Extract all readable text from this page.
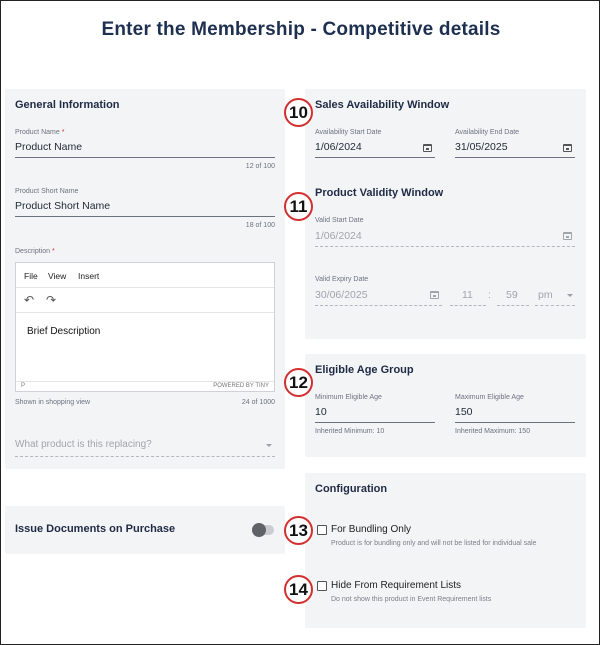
Enter the Membership - Competitive details
General Information
Product Name *
Product Name
12 of 100
Product Short Name
Product Short Name
18 of 100
Description *
Shown in shopping view	24 of 1000
What product is this replacing?
File View Insert
↶ ↷
Brief Description
P	POWERED BY TINY
Issue Documents on Purchase
Sales Availability Window
Availability Start Date
1/06/2024
Availability End Date
31/05/2025
Product Validity Window
Valid Start Date
1/06/2024
Valid Expiry Date
30/06/2025	11 : 59 pm
Eligible Age Group
Minimum Eligible Age
10
Inherited Minimum: 10
Maximum Eligible Age
150
Inherited Maximum: 150
Configuration
For Bundling Only
Product is for bundling only and will not be listed for individual sale
Hide From Requirement Lists
Do not show this product in Event Requirement lists
10
11
12
13
14
